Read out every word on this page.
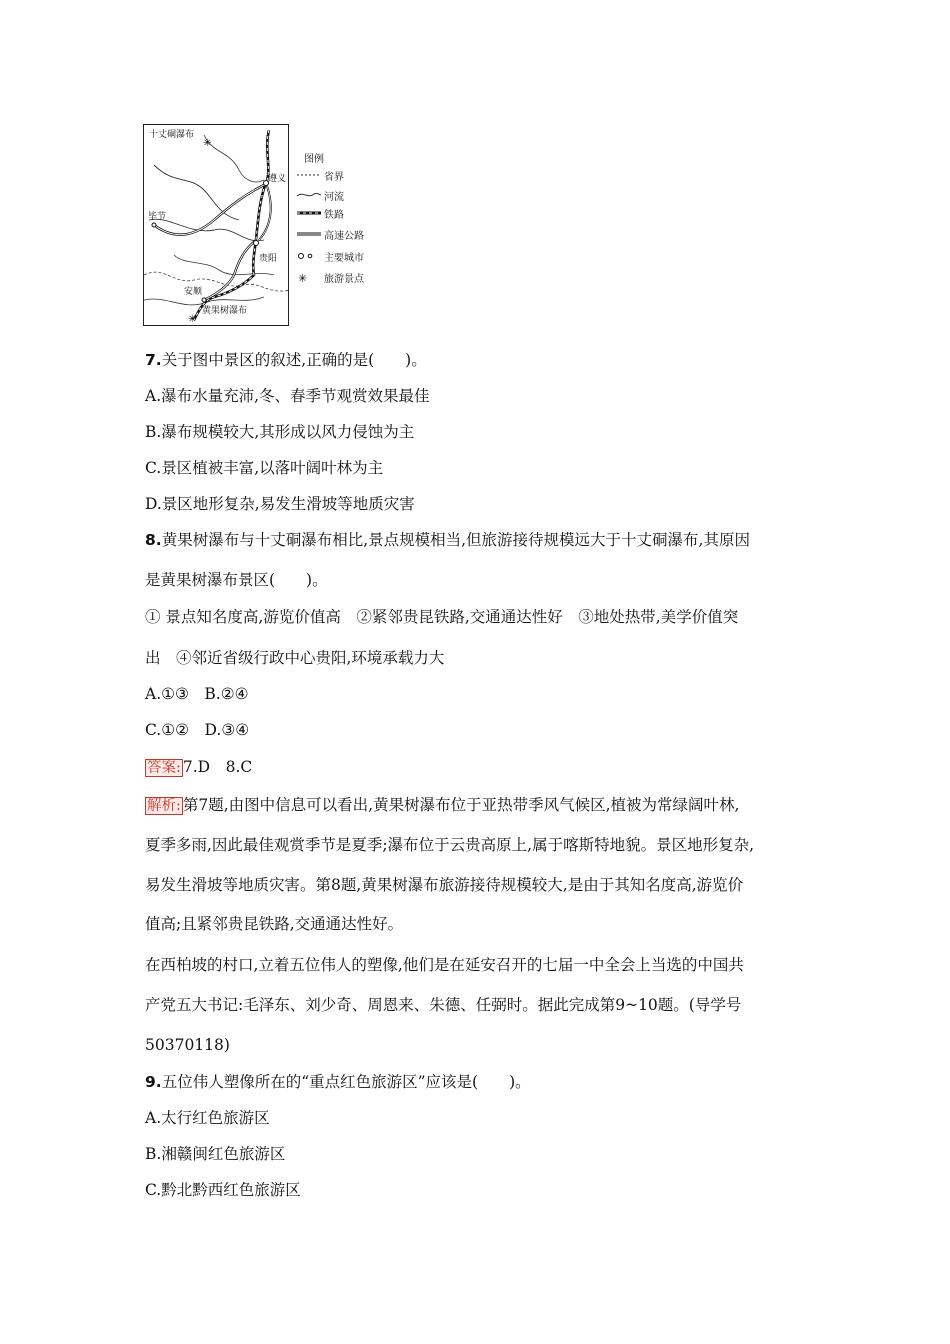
✳
✳
十丈硐瀑布
遵义
毕节
贵阳
安顺
黄果树瀑布
图例
省界
河流
铁路
高速公路
主要城市
✳ 旅游景点
7.关于图中景区的叙述,正确的是(　　)。
A.瀑布水量充沛,冬、春季节观赏效果最佳
B.瀑布规模较大,其形成以风力侵蚀为主
C.景区植被丰富,以落叶阔叶林为主
D.景区地形复杂,易发生滑坡等地质灾害
8.黄果树瀑布与十丈硐瀑布相比,景点规模相当,但旅游接待规模远大于十丈硐瀑布,其原因
是黄果树瀑布景区(　　)。
① 景点知名度高,游览价值高　②紧邻贵昆铁路,交通通达性好　③地处热带,美学价值突
出　④邻近省级行政中心贵阳,环境承载力大
A.①③　B.②④
C.①②　D.③④
答案: 7.D　8.C
解析: 第7题,由图中信息可以看出,黄果树瀑布位于亚热带季风气候区,植被为常绿阔叶林,
夏季多雨,因此最佳观赏季节是夏季;瀑布位于云贵高原上,属于喀斯特地貌。景区地形复杂,
易发生滑坡等地质灾害。第8题,黄果树瀑布旅游接待规模较大,是由于其知名度高,游览价
值高;且紧邻贵昆铁路,交通通达性好。
在西柏坡的村口,立着五位伟人的塑像,他们是在延安召开的七届一中全会上当选的中国共
产党五大书记:毛泽东、刘少奇、周恩来、朱德、任弼时。据此完成第9~10题。(导学号
50370118)
9.五位伟人塑像所在的“重点红色旅游区”应该是(　　)。
A.太行红色旅游区
B.湘赣闽红色旅游区
C.黔北黔西红色旅游区
